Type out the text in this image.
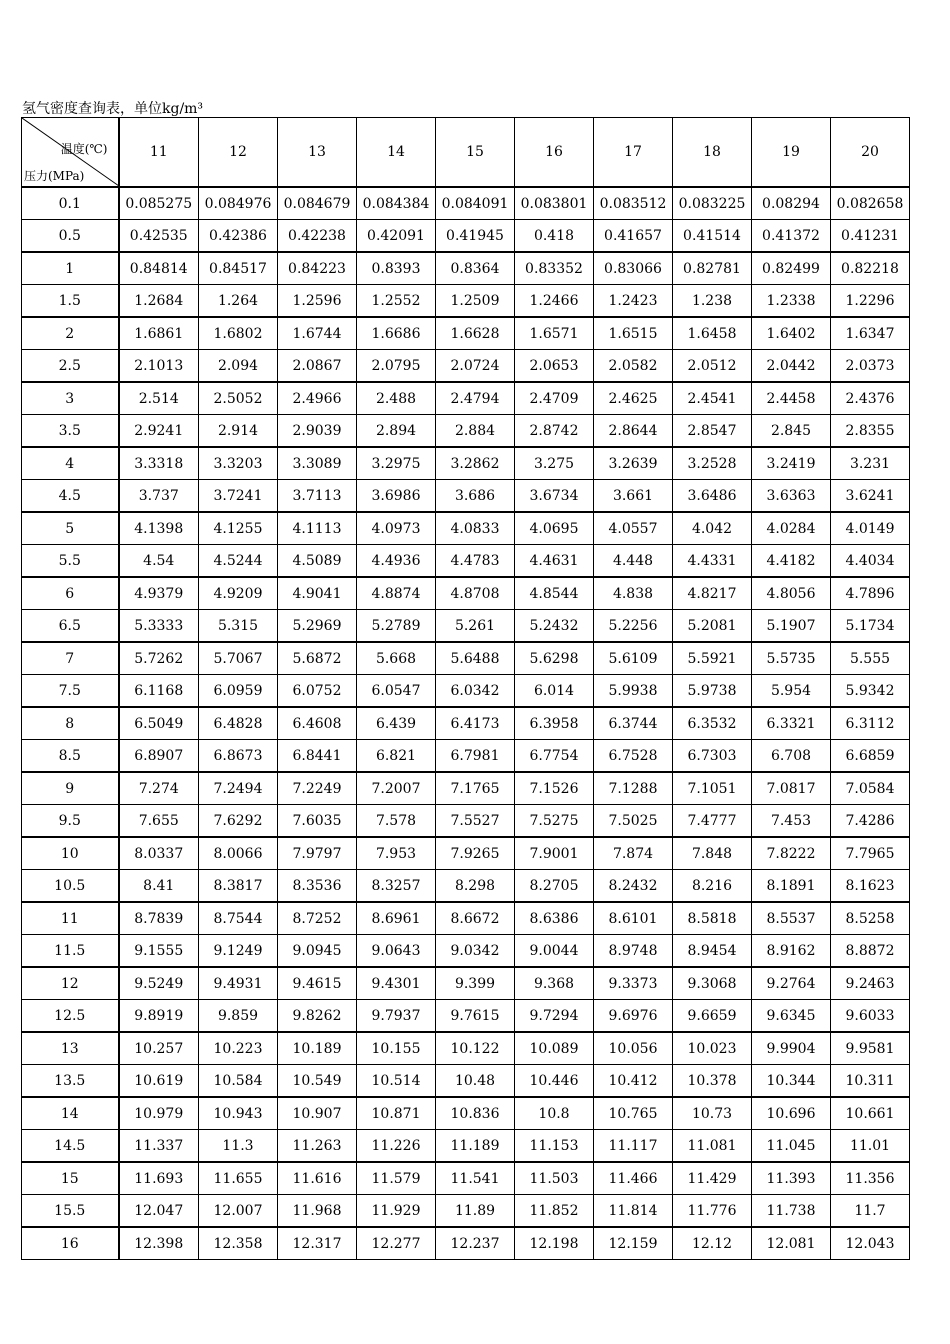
氢气密度查询表，单位kg/m³
温度(℃)
压力(MPa)	11	12	13	14	15	16	17	18	19	20
0.1	0.085275	0.084976	0.084679	0.084384	0.084091	0.083801	0.083512	0.083225	0.08294	0.082658
0.5	0.42535	0.42386	0.42238	0.42091	0.41945	0.418	0.41657	0.41514	0.41372	0.41231
1	0.84814	0.84517	0.84223	0.8393	0.8364	0.83352	0.83066	0.82781	0.82499	0.82218
1.5	1.2684	1.264	1.2596	1.2552	1.2509	1.2466	1.2423	1.238	1.2338	1.2296
2	1.6861	1.6802	1.6744	1.6686	1.6628	1.6571	1.6515	1.6458	1.6402	1.6347
2.5	2.1013	2.094	2.0867	2.0795	2.0724	2.0653	2.0582	2.0512	2.0442	2.0373
3	2.514	2.5052	2.4966	2.488	2.4794	2.4709	2.4625	2.4541	2.4458	2.4376
3.5	2.9241	2.914	2.9039	2.894	2.884	2.8742	2.8644	2.8547	2.845	2.8355
4	3.3318	3.3203	3.3089	3.2975	3.2862	3.275	3.2639	3.2528	3.2419	3.231
4.5	3.737	3.7241	3.7113	3.6986	3.686	3.6734	3.661	3.6486	3.6363	3.6241
5	4.1398	4.1255	4.1113	4.0973	4.0833	4.0695	4.0557	4.042	4.0284	4.0149
5.5	4.54	4.5244	4.5089	4.4936	4.4783	4.4631	4.448	4.4331	4.4182	4.4034
6	4.9379	4.9209	4.9041	4.8874	4.8708	4.8544	4.838	4.8217	4.8056	4.7896
6.5	5.3333	5.315	5.2969	5.2789	5.261	5.2432	5.2256	5.2081	5.1907	5.1734
7	5.7262	5.7067	5.6872	5.668	5.6488	5.6298	5.6109	5.5921	5.5735	5.555
7.5	6.1168	6.0959	6.0752	6.0547	6.0342	6.014	5.9938	5.9738	5.954	5.9342
8	6.5049	6.4828	6.4608	6.439	6.4173	6.3958	6.3744	6.3532	6.3321	6.3112
8.5	6.8907	6.8673	6.8441	6.821	6.7981	6.7754	6.7528	6.7303	6.708	6.6859
9	7.274	7.2494	7.2249	7.2007	7.1765	7.1526	7.1288	7.1051	7.0817	7.0584
9.5	7.655	7.6292	7.6035	7.578	7.5527	7.5275	7.5025	7.4777	7.453	7.4286
10	8.0337	8.0066	7.9797	7.953	7.9265	7.9001	7.874	7.848	7.8222	7.7965
10.5	8.41	8.3817	8.3536	8.3257	8.298	8.2705	8.2432	8.216	8.1891	8.1623
11	8.7839	8.7544	8.7252	8.6961	8.6672	8.6386	8.6101	8.5818	8.5537	8.5258
11.5	9.1555	9.1249	9.0945	9.0643	9.0342	9.0044	8.9748	8.9454	8.9162	8.8872
12	9.5249	9.4931	9.4615	9.4301	9.399	9.368	9.3373	9.3068	9.2764	9.2463
12.5	9.8919	9.859	9.8262	9.7937	9.7615	9.7294	9.6976	9.6659	9.6345	9.6033
13	10.257	10.223	10.189	10.155	10.122	10.089	10.056	10.023	9.9904	9.9581
13.5	10.619	10.584	10.549	10.514	10.48	10.446	10.412	10.378	10.344	10.311
14	10.979	10.943	10.907	10.871	10.836	10.8	10.765	10.73	10.696	10.661
14.5	11.337	11.3	11.263	11.226	11.189	11.153	11.117	11.081	11.045	11.01
15	11.693	11.655	11.616	11.579	11.541	11.503	11.466	11.429	11.393	11.356
15.5	12.047	12.007	11.968	11.929	11.89	11.852	11.814	11.776	11.738	11.7
16	12.398	12.358	12.317	12.277	12.237	12.198	12.159	12.12	12.081	12.043
